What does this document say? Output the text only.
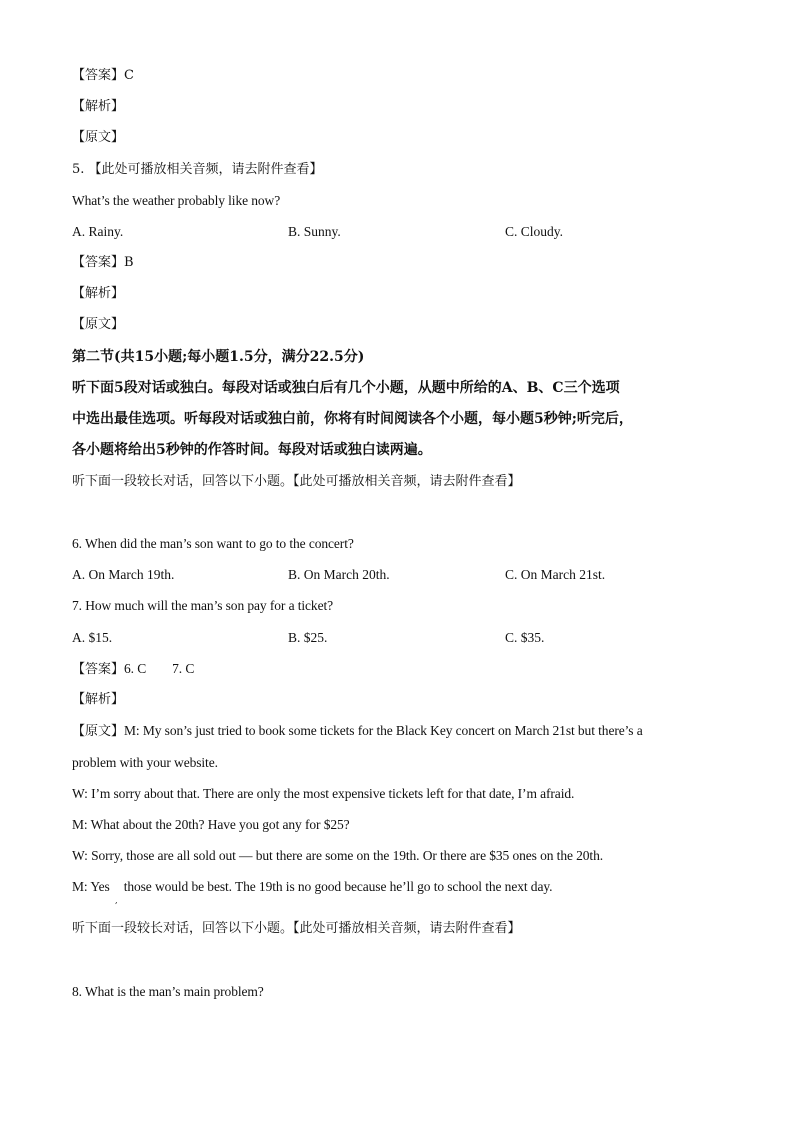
【答案】C
【解析】
【原文】
5. 【此处可播放相关音频，请去附件查看】
What’s the weather probably like now?
A. Rainy.	B. Sunny.	C. Cloudy.
【答案】B
【解析】
【原文】
第二节(共15小题;每小题1.5分，满分22.5分)
听下面5段对话或独白。每段对话或独白后有几个小题，从题中所给的A、B、C三个选项
中选出最佳选项。听每段对话或独白前，你将有时间阅读各个小题，每小题5秒钟;听完后，
各小题将给出5秒钟的作答时间。每段对话或独白读两遍。
听下面一段较长对话，回答以下小题。【此处可播放相关音频，请去附件查看】
6. When did the man’s son want to go to the concert?
A. On March 19th.	B. On March 20th.	C. On March 21st.
7. How much will the man’s son pay for a ticket?
A. $15.	B. $25.	C. $35.
【答案】6. C 7. C
【解析】
【原文】M: My son’s just tried to book some tickets for the Black Key concert on March 21st but there’s a
problem with your website.
W: I’m sorry about that. There are only the most expensive tickets left for that date, I’m afraid.
M: What about the 20th? Have you got any for $25?
W: Sorry, those are all sold out — but there are some on the 19th. Or there are $35 ones on the 20th.
M: Yes those would be best. The 19th is no good because he’ll go to school the next day.
,
听下面一段较长对话，回答以下小题。【此处可播放相关音频，请去附件查看】
8. What is the man’s main problem?
